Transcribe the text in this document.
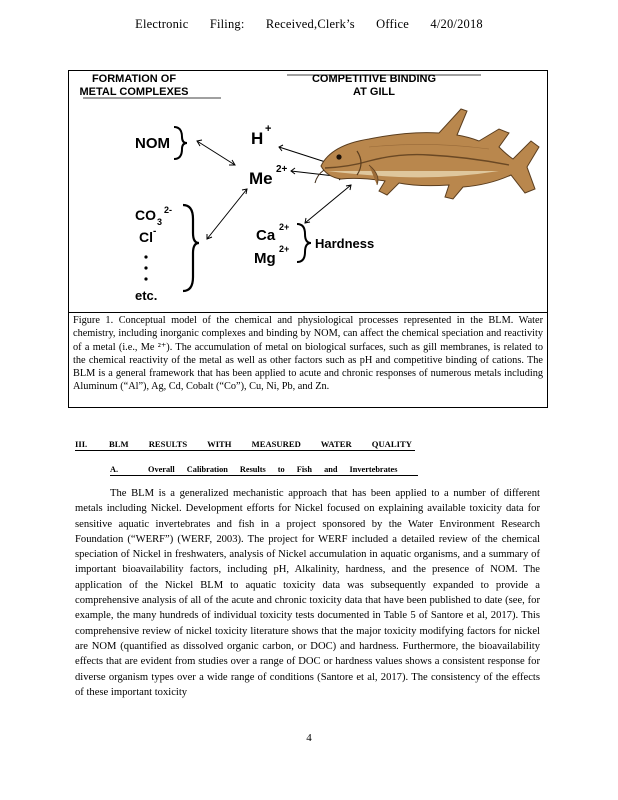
Electronic Filing: Received,Clerk’s Office 4/20/2018
FORMATION OF
METAL COMPLEXES
COMPETITIVE BINDING
AT GILL
NOM	H +
Me 2+
CO 3
2-
Cl -
etc.
Ca 2+
Mg
2+ Hardness
Figure 1. Conceptual model of the chemical and physiological processes represented in the BLM. Water chemistry, including inorganic complexes and binding by NOM, can affect the chemical speciation and reactivity of a metal (i.e., Me ²⁺). The accumulation of metal on biological surfaces, such as gill membranes, is related to the chemical reactivity of the metal as well as other factors such as pH and competitive binding of cations. The BLM is a general framework that has been applied to acute and chronic responses of numerous metals including Aluminum (“Al”), Ag, Cd, Cobalt (“Co”), Cu, Ni, Pb, and Zn.
III.	BLM RESULTS WITH MEASURED WATER QUALITY
A.	Overall Calibration Results to Fish and Invertebrates

The BLM is a generalized mechanistic approach that has been applied to a number of different metals including Nickel. Development efforts for Nickel focused on explaining available toxicity data for sensitive aquatic invertebrates and fish in a project sponsored by the Water Environment Research Foundation (“WERF”) (WERF, 2003). The project for WERF included a detailed review of the chemical speciation of Nickel in freshwaters, analysis of Nickel accumulation in aquatic organisms, and a summary of important bioavailability factors, including pH, Alkalinity, hardness, and the presence of NOM. The application of the Nickel BLM to aquatic toxicity data was subsequently expanded to provide a comprehensive analysis of all of the acute and chronic toxicity data that have been published to date (see, for example, the many hundreds of individual toxicity tests documented in Table 5 of Santore et al, 2017). This comprehensive review of nickel toxicity literature shows that the major toxicity modifying factors for nickel are NOM (quantified as dissolved organic carbon, or DOC) and hardness. Furthermore, the bioavailability effects that are evident from studies over a range of DOC or hardness values shows a consistent response for diverse organism types over a wide range of conditions (Santore et al, 2017). The consistency of the effects of these important toxicity

4
